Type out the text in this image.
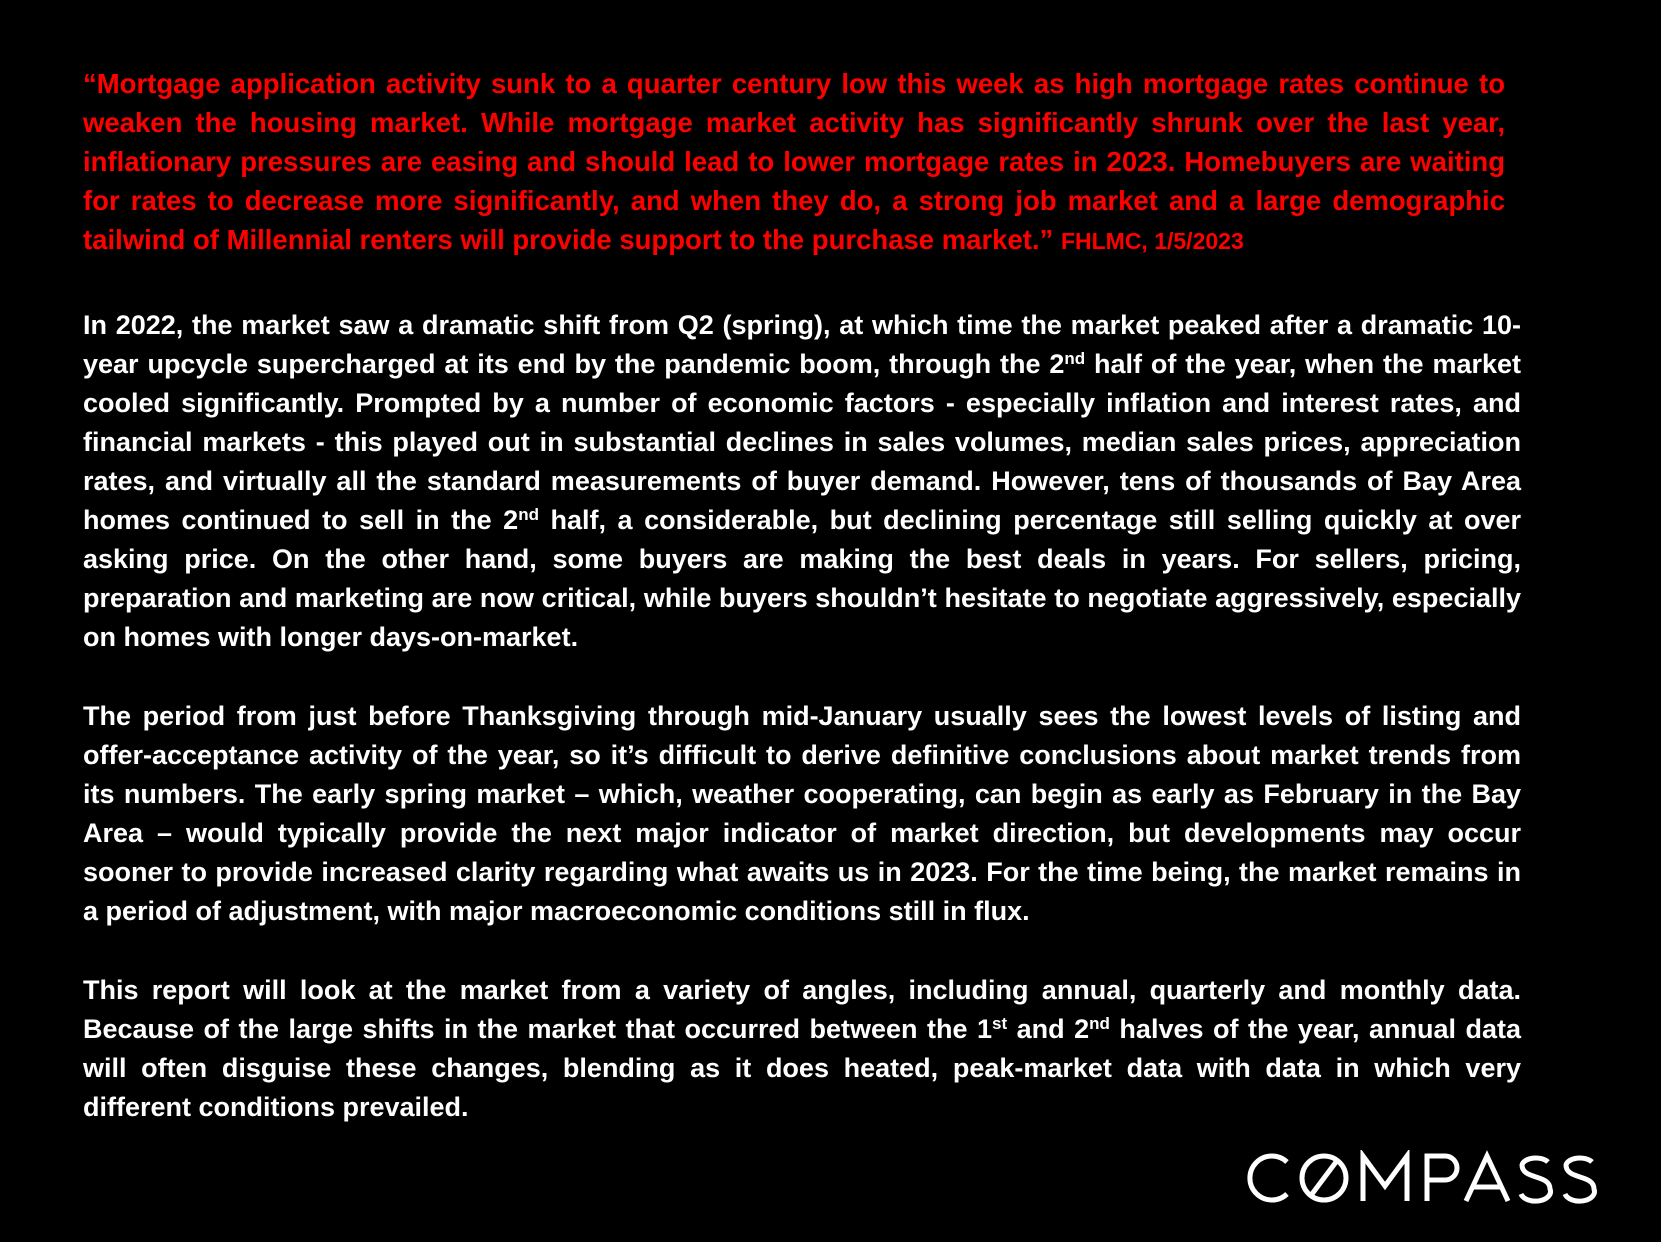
“Mortgage application activity sunk to a quarter century low this week as high mortgage rates continue to weaken the housing market. While mortgage market activity has significantly shrunk over the last year, inflationary pressures are easing and should lead to lower mortgage rates in 2023. Homebuyers are waiting for rates to decrease more significantly, and when they do, a strong job market and a large demographic tailwind of Millennial renters will provide support to the purchase market.” FHLMC, 1/5/2023

In 2022, the market saw a dramatic shift from Q2 (spring), at which time the market peaked after a dramatic 10-year upcycle supercharged at its end by the pandemic boom, through the 2nd half of the year, when the market cooled significantly. Prompted by a number of economic factors - especially inflation and interest rates, and financial markets - this played out in substantial declines in sales volumes, median sales prices, appreciation rates, and virtually all the standard measurements of buyer demand. However, tens of thousands of Bay Area homes continued to sell in the 2nd half, a considerable, but declining percentage still selling quickly at over asking price. On the other hand, some buyers are making the best deals in years. For sellers, pricing, preparation and marketing are now critical, while buyers shouldn’t hesitate to negotiate aggressively, especially on homes with longer days-on-market.

The period from just before Thanksgiving through mid-January usually sees the lowest levels of listing and offer-acceptance activity of the year, so it’s difficult to derive definitive conclusions about market trends from its numbers. The early spring market – which, weather cooperating, can begin as early as February in the Bay Area – would typically provide the next major indicator of market direction, but developments may occur sooner to provide increased clarity regarding what awaits us in 2023. For the time being, the market remains in a period of adjustment, with major macroeconomic conditions still in flux.

This report will look at the market from a variety of angles, including annual, quarterly and monthly data. Because of the large shifts in the market that occurred between the 1st and 2nd halves of the year, annual data will often disguise these changes, blending as it does heated, peak-market data with data in which very different conditions prevailed.
